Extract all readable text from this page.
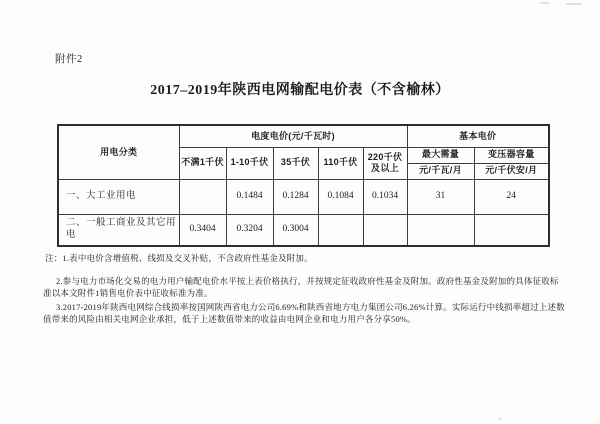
附件2
2017–2019年陕西电网输配电价表（不含榆林）
用电分类	电度电价(元/千瓦时)					基本电价	
	不满1千伏	1-10千伏	35千伏	110千伏	220千伏及以上	最大需量	变压器容量
						元/千瓦/月	元/千伏安/月
一、大工业用电		0.1484	0.1284	0.1084	0.1034	31	24
二、一般工商业及其它用电	0.3404	0.3204	0.3004				

注：1.表中电价含增值税、线损及交叉补贴，不含政府性基金及附加。

2.参与电力市场化交易的电力用户输配电价水平按上表价格执行，并按规定征收政府性基金及附加。政府性基金及附加的具体征收标准以本文附件1销售电价表中征收标准为准。

3.2017-2019年陕西电网综合线损率按国网陕西省电力公司6.69%和陕西省地方电力集团公司6.26%计算。实际运行中线损率超过上述数值带来的风险由相关电网企业承担，低于上述数值带来的收益由电网企业和电力用户各分享50%。
